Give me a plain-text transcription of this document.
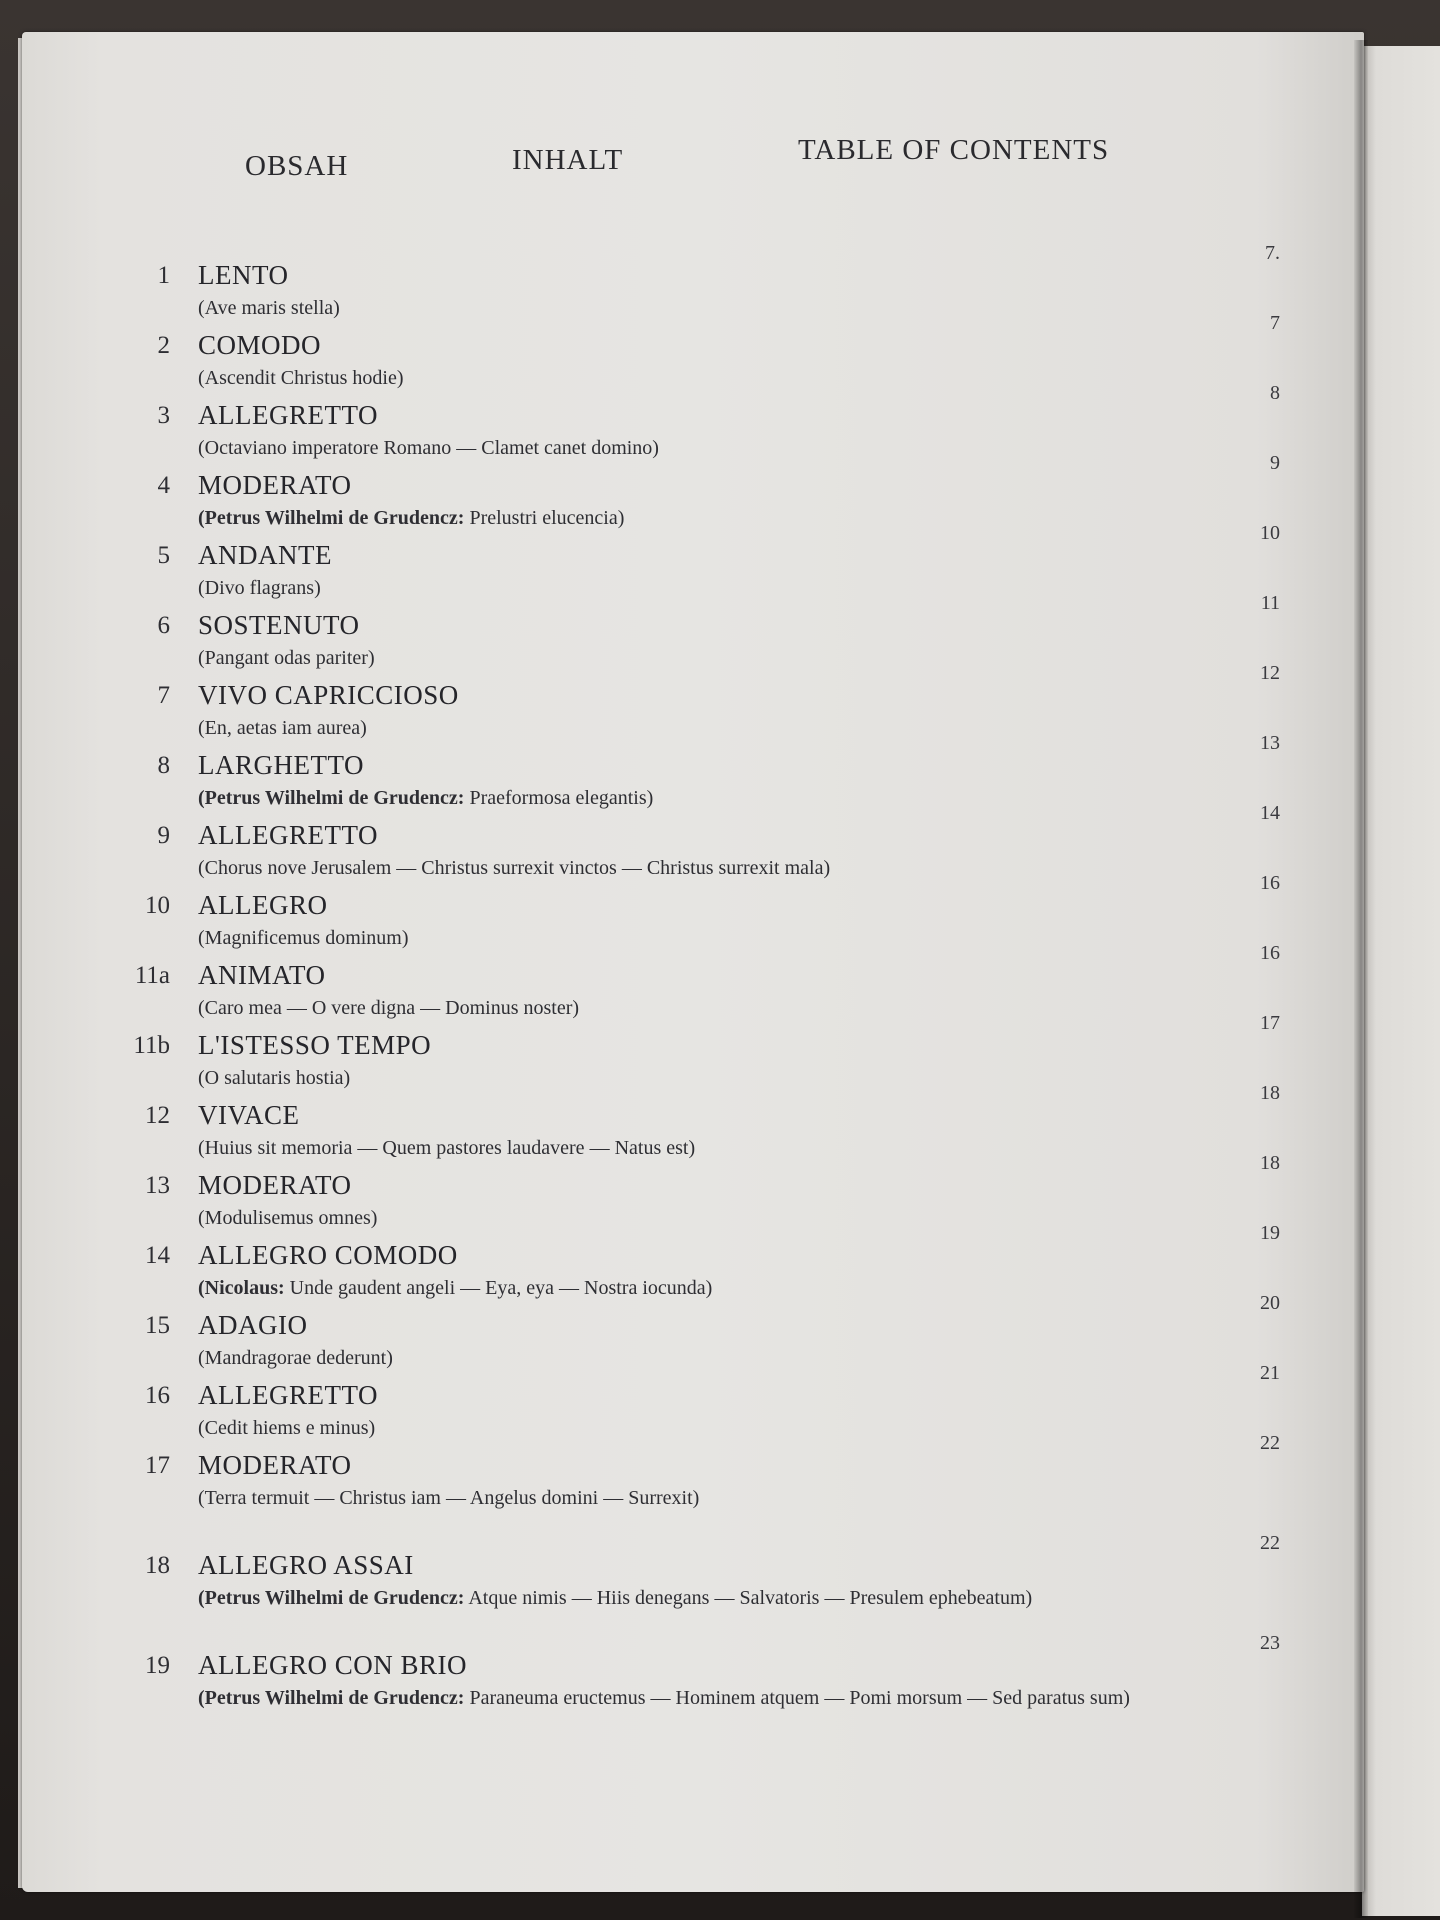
OBSAH	INHALT	TABLE OF CONTENTS
1 LENTO
(Ave maris stella)
7.
2 COMODO
(Ascendit Christus hodie)
7
3 ALLEGRETTO
(Octaviano imperatore Romano — Clamet canet domino)
8
4 MODERATO
(Petrus Wilhelmi de Grudencz: Prelustri elucencia)
9
5 ANDANTE
(Divo flagrans)
10
6 SOSTENUTO
(Pangant odas pariter)
11
7 VIVO CAPRICCIOSO
(En, aetas iam aurea)
12
8 LARGHETTO
(Petrus Wilhelmi de Grudencz: Praeformosa elegantis)
13
9 ALLEGRETTO
(Chorus nove Jerusalem — Christus surrexit vinctos — Christus surrexit mala)
14
10 ALLEGRO
(Magnificemus dominum)
16
11a ANIMATO
(Caro mea — O vere digna — Dominus noster)
16
11b L'ISTESSO TEMPO
(O salutaris hostia)
17
12 VIVACE
(Huius sit memoria — Quem pastores laudavere — Natus est)
18
13 MODERATO
(Modulisemus omnes)
18
14 ALLEGRO COMODO
(Nicolaus: Unde gaudent angeli — Eya, eya — Nostra iocunda)
19
15 ADAGIO
(Mandragorae dederunt)
20
16 ALLEGRETTO
(Cedit hiems e minus)
21
17 MODERATO
(Terra termuit — Christus iam — Angelus domini — Surrexit)
22
18 ALLEGRO ASSAI
(Petrus Wilhelmi de Grudencz: Atque nimis — Hiis denegans — Salvatoris — Presulem ephebeatum)
22
19 ALLEGRO CON BRIO
(Petrus Wilhelmi de Grudencz: Paraneuma eructemus — Hominem atquem — Pomi morsum — Sed paratus sum)
23
